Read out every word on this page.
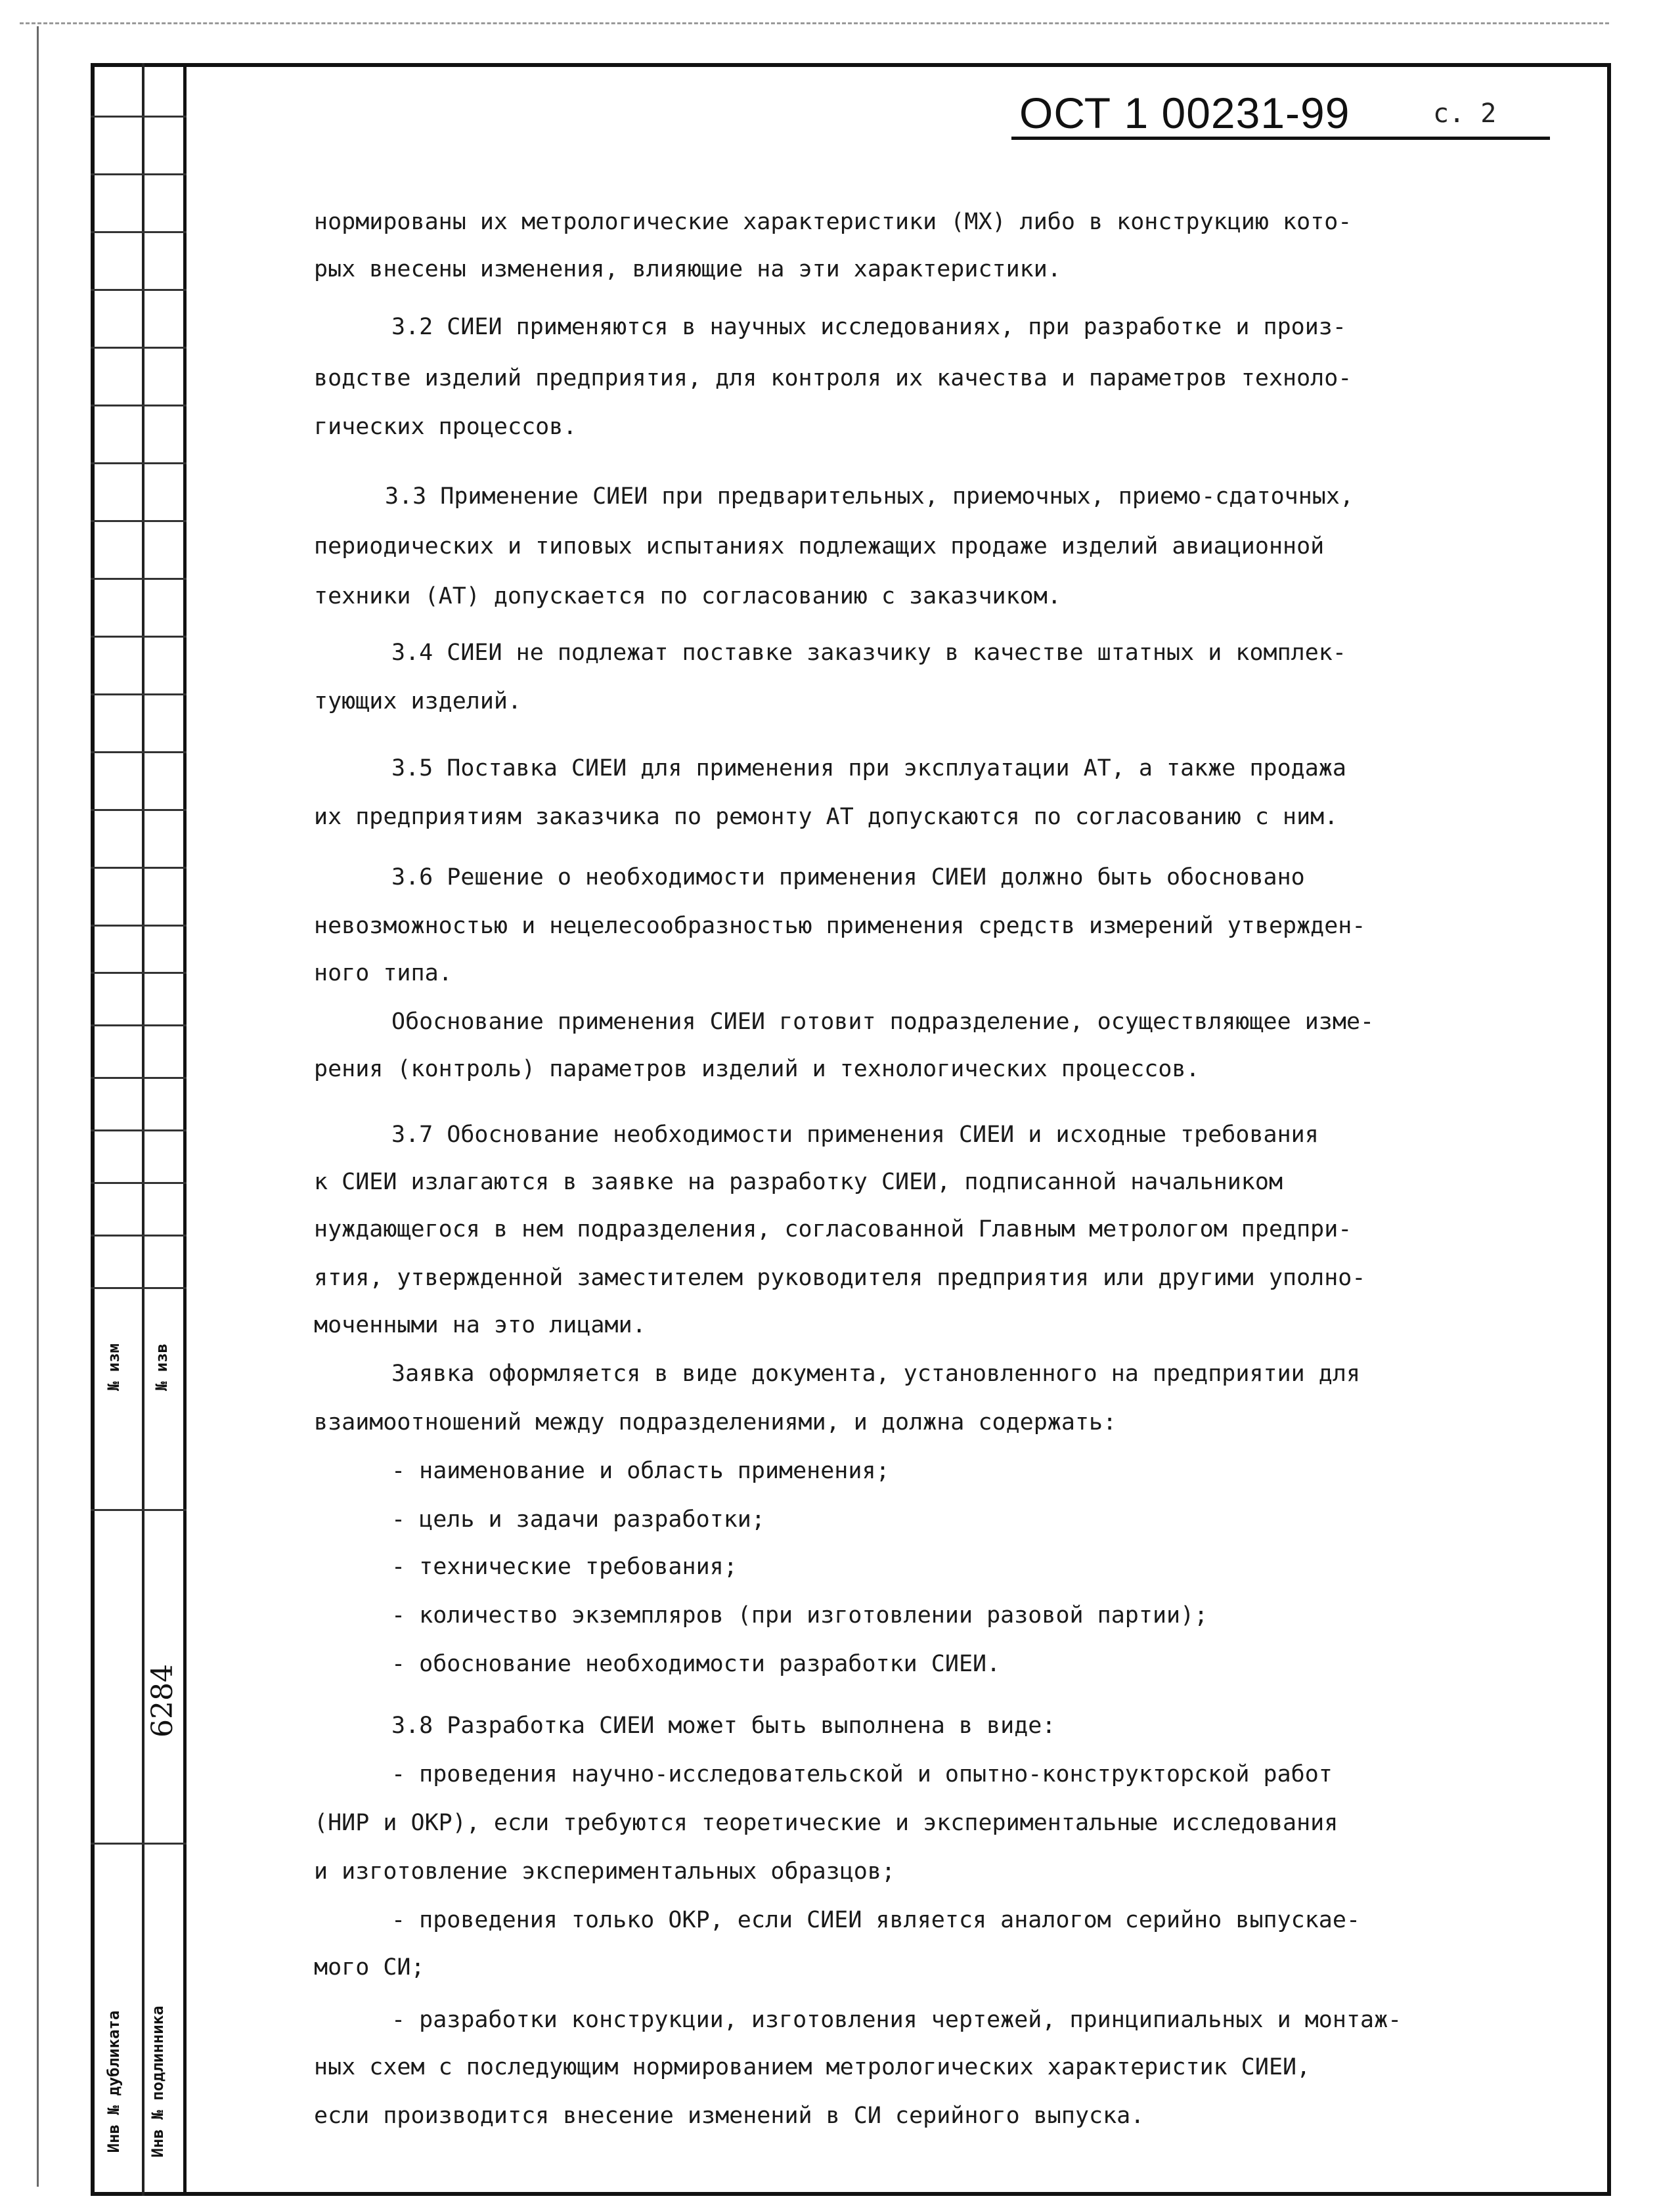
№ изм	№ изв
6284
Инв № дубликата	Инв № подлинника
ОСТ 1 00231-99	с. 2
нормированы их метрологические характеристики (МХ) либо в конструкцию кото-
рых внесены изменения, влияющие на эти характеристики.
3.2 СИЕИ применяются в научных исследованиях, при разработке и произ-
водстве изделий предприятия, для контроля их качества и параметров техноло-
гических процессов.
3.3 Применение СИЕИ при предварительных, приемочных, приемо-сдаточных,
периодических и типовых испытаниях подлежащих продаже изделий авиационной
техники (АТ) допускается по согласованию с заказчиком.
3.4 СИЕИ не подлежат поставке заказчику в качестве штатных и комплек-
тующих изделий.
3.5 Поставка СИЕИ для применения при эксплуатации АТ, а также продажа
их предприятиям заказчика по ремонту АТ допускаются по согласованию с ним.
3.6 Решение о необходимости применения СИЕИ должно быть обосновано
невозможностью и нецелесообразностью применения средств измерений утвержден-
ного типа.
Обоснование применения СИЕИ готовит подразделение, осуществляющее изме-
рения (контроль) параметров изделий и технологических процессов.
3.7 Обоснование необходимости применения СИЕИ и исходные требования
к СИЕИ излагаются в заявке на разработку СИЕИ, подписанной начальником
нуждающегося в нем подразделения, согласованной Главным метрологом предпри-
ятия, утвержденной заместителем руководителя предприятия или другими уполно-
моченными на это лицами.
Заявка оформляется в виде документа, установленного на предприятии для
взаимоотношений между подразделениями, и должна содержать:
- наименование и область применения;
- цель и задачи разработки;
- технические требования;
- количество экземпляров (при изготовлении разовой партии);
- обоснование необходимости разработки СИЕИ.
3.8 Разработка СИЕИ может быть выполнена в виде:
- проведения научно-исследовательской и опытно-конструкторской работ
(НИР и ОКР), если требуются теоретические и экспериментальные исследования
и изготовление экспериментальных образцов;
- проведения только ОКР, если СИЕИ является аналогом серийно выпускае-
мого СИ;
- разработки конструкции, изготовления чертежей, принципиальных и монтаж-
ных схем с последующим нормированием метрологических характеристик СИЕИ,
если производится внесение изменений в СИ серийного выпуска.
